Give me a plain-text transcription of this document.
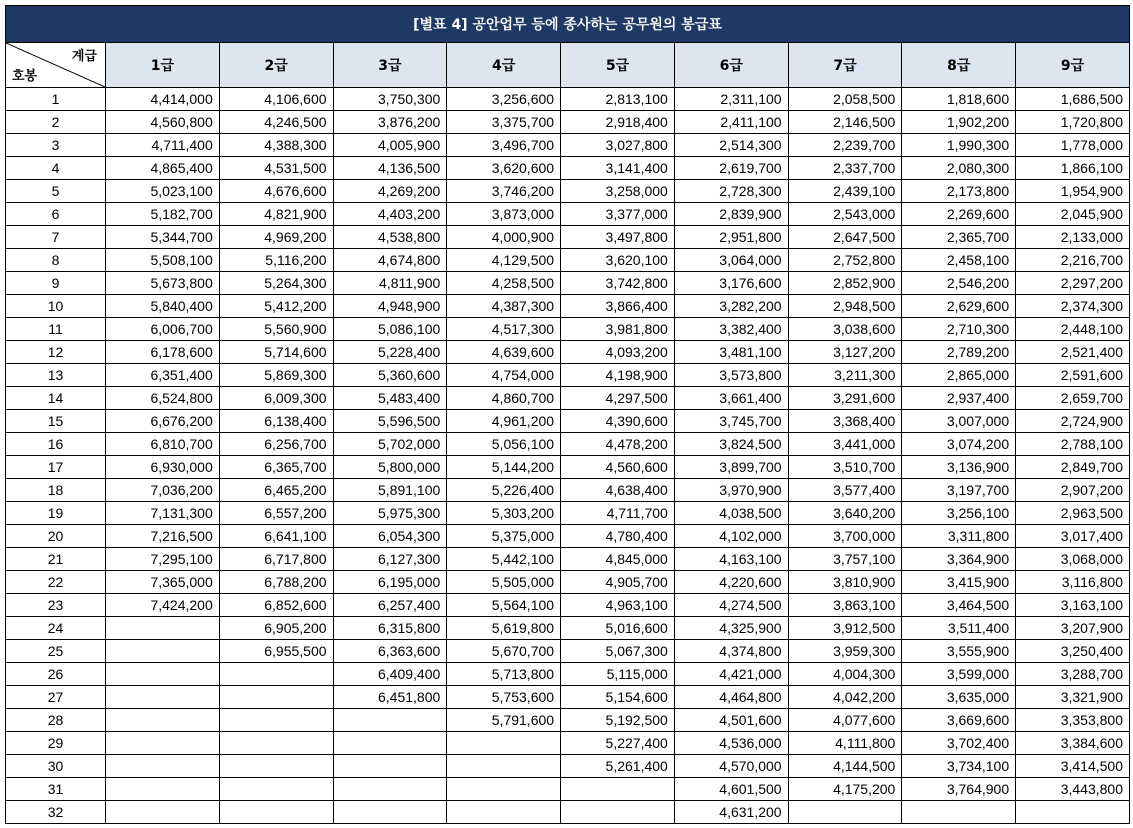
[별표 4] 공안업무 등에 종사하는 공무원의 봉급표
계급
호봉	1급	2급	3급	4급	5급	6급	7급	8급	9급
1	4,414,000	4,106,600	3,750,300	3,256,600	2,813,100	2,311,100	2,058,500	1,818,600	1,686,500
2	4,560,800	4,246,500	3,876,200	3,375,700	2,918,400	2,411,100	2,146,500	1,902,200	1,720,800
3	4,711,400	4,388,300	4,005,900	3,496,700	3,027,800	2,514,300	2,239,700	1,990,300	1,778,000
4	4,865,400	4,531,500	4,136,500	3,620,600	3,141,400	2,619,700	2,337,700	2,080,300	1,866,100
5	5,023,100	4,676,600	4,269,200	3,746,200	3,258,000	2,728,300	2,439,100	2,173,800	1,954,900
6	5,182,700	4,821,900	4,403,200	3,873,000	3,377,000	2,839,900	2,543,000	2,269,600	2,045,900
7	5,344,700	4,969,200	4,538,800	4,000,900	3,497,800	2,951,800	2,647,500	2,365,700	2,133,000
8	5,508,100	5,116,200	4,674,800	4,129,500	3,620,100	3,064,000	2,752,800	2,458,100	2,216,700
9	5,673,800	5,264,300	4,811,900	4,258,500	3,742,800	3,176,600	2,852,900	2,546,200	2,297,200
10	5,840,400	5,412,200	4,948,900	4,387,300	3,866,400	3,282,200	2,948,500	2,629,600	2,374,300
11	6,006,700	5,560,900	5,086,100	4,517,300	3,981,800	3,382,400	3,038,600	2,710,300	2,448,100
12	6,178,600	5,714,600	5,228,400	4,639,600	4,093,200	3,481,100	3,127,200	2,789,200	2,521,400
13	6,351,400	5,869,300	5,360,600	4,754,000	4,198,900	3,573,800	3,211,300	2,865,000	2,591,600
14	6,524,800	6,009,300	5,483,400	4,860,700	4,297,500	3,661,400	3,291,600	2,937,400	2,659,700
15	6,676,200	6,138,400	5,596,500	4,961,200	4,390,600	3,745,700	3,368,400	3,007,000	2,724,900
16	6,810,700	6,256,700	5,702,000	5,056,100	4,478,200	3,824,500	3,441,000	3,074,200	2,788,100
17	6,930,000	6,365,700	5,800,000	5,144,200	4,560,600	3,899,700	3,510,700	3,136,900	2,849,700
18	7,036,200	6,465,200	5,891,100	5,226,400	4,638,400	3,970,900	3,577,400	3,197,700	2,907,200
19	7,131,300	6,557,200	5,975,300	5,303,200	4,711,700	4,038,500	3,640,200	3,256,100	2,963,500
20	7,216,500	6,641,100	6,054,300	5,375,000	4,780,400	4,102,000	3,700,000	3,311,800	3,017,400
21	7,295,100	6,717,800	6,127,300	5,442,100	4,845,000	4,163,100	3,757,100	3,364,900	3,068,000
22	7,365,000	6,788,200	6,195,000	5,505,000	4,905,700	4,220,600	3,810,900	3,415,900	3,116,800
23	7,424,200	6,852,600	6,257,400	5,564,100	4,963,100	4,274,500	3,863,100	3,464,500	3,163,100
24		6,905,200	6,315,800	5,619,800	5,016,600	4,325,900	3,912,500	3,511,400	3,207,900
25		6,955,500	6,363,600	5,670,700	5,067,300	4,374,800	3,959,300	3,555,900	3,250,400
26			6,409,400	5,713,800	5,115,000	4,421,000	4,004,300	3,599,000	3,288,700
27			6,451,800	5,753,600	5,154,600	4,464,800	4,042,200	3,635,000	3,321,900
28				5,791,600	5,192,500	4,501,600	4,077,600	3,669,600	3,353,800
29					5,227,400	4,536,000	4,111,800	3,702,400	3,384,600
30					5,261,400	4,570,000	4,144,500	3,734,100	3,414,500
31						4,601,500	4,175,200	3,764,900	3,443,800
32						4,631,200			
